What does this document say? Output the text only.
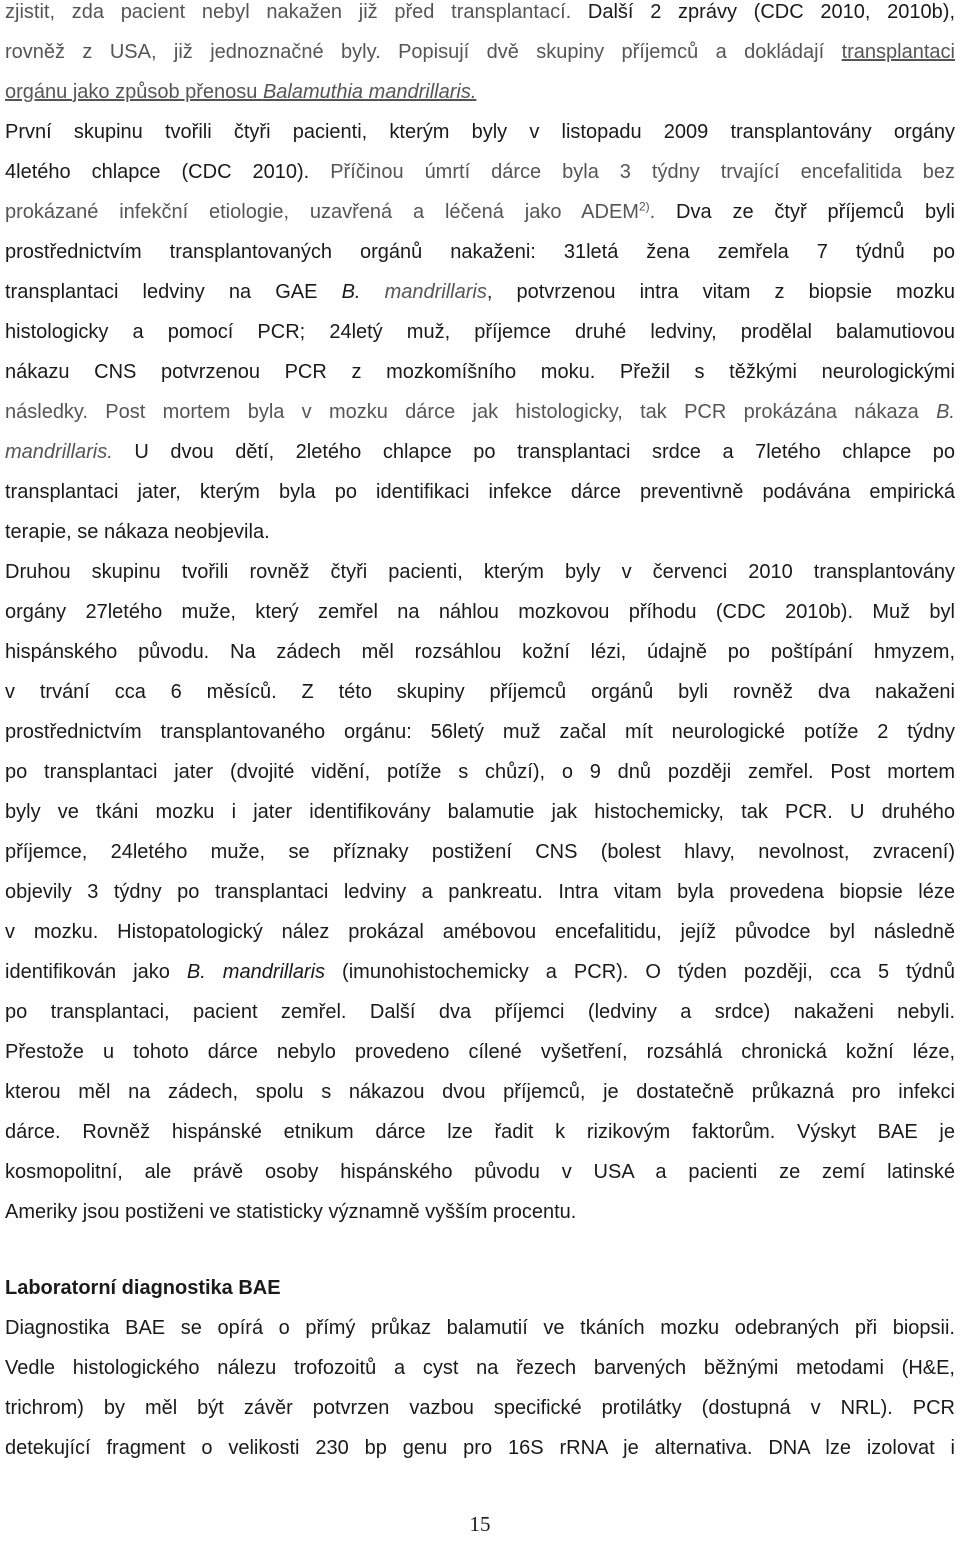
zjistit, zda pacient nebyl nakažen již před transplantací. Další 2 zprávy (CDC 2010, 2010b),
rovněž z USA, již jednoznačné byly. Popisují dvě skupiny příjemců a dokládají transplantaci
orgánu jako způsob přenosu Balamuthia mandrillaris.
První skupinu tvořili čtyři pacienti, kterým byly v listopadu 2009 transplantovány orgány
4letého chlapce (CDC 2010). Příčinou úmrtí dárce byla 3 týdny trvající encefalitida bez
prokázané infekční etiologie, uzavřená a léčená jako ADEM$^{2)}$. Dva ze čtyř příjemců byli
prostřednictvím transplantovaných orgánů nakaženi: 31letá žena zemřela 7 týdnů po
transplantaci ledviny na GAE B. mandrillaris, potvrzenou intra vitam z biopsie mozku
histologicky a pomocí PCR; 24letý muž, příjemce druhé ledviny, prodělal balamutiovou
nákazu CNS potvrzenou PCR z mozkomíšního moku. Přežil s těžkými neurologickými
následky. Post mortem byla v mozku dárce jak histologicky, tak PCR prokázána nákaza B.
mandrillaris. U dvou dětí, 2letého chlapce po transplantaci srdce a 7letého chlapce po
transplantaci jater, kterým byla po identifikaci infekce dárce preventivně podávána empirická
terapie, se nákaza neobjevila.
Druhou skupinu tvořili rovněž čtyři pacienti, kterým byly v červenci 2010 transplantovány
orgány 27letého muže, který zemřel na náhlou mozkovou příhodu (CDC 2010b). Muž byl
hispánského původu. Na zádech měl rozsáhlou kožní lézi, údajně po poštípání hmyzem,
v trvání cca 6 měsíců. Z této skupiny příjemců orgánů byli rovněž dva nakaženi
prostřednictvím transplantovaného orgánu: 56letý muž začal mít neurologické potíže 2 týdny
po transplantaci jater (dvojité vidění, potíže s chůzí), o 9 dnů později zemřel. Post mortem
byly ve tkáni mozku i jater identifikovány balamutie jak histochemicky, tak PCR. U druhého
příjemce, 24letého muže, se příznaky postižení CNS (bolest hlavy, nevolnost, zvracení)
objevily 3 týdny po transplantaci ledviny a pankreatu. Intra vitam byla provedena biopsie léze
v mozku. Histopatologický nález prokázal amébovou encefalitidu, jejíž původce byl následně
identifikován jako B. mandrillaris (imunohistochemicky a PCR). O týden později, cca 5 týdnů
po transplantaci, pacient zemřel. Další dva příjemci (ledviny a srdce) nakaženi nebyli.
Přestože u tohoto dárce nebylo provedeno cílené vyšetření, rozsáhlá chronická kožní léze,
kterou měl na zádech, spolu s nákazou dvou příjemců, je dostatečně průkazná pro infekci
dárce. Rovněž hispánské etnikum dárce lze řadit k rizikovým faktorům. Výskyt BAE je
kosmopolitní, ale právě osoby hispánského původu v USA a pacienti ze zemí latinské
Ameriky jsou postiženi ve statisticky významně vyšším procentu.
Laboratorní diagnostika BAE
Diagnostika BAE se opírá o přímý průkaz balamutií ve tkáních mozku odebraných při biopsii.
Vedle histologického nálezu trofozoitů a cyst na řezech barvených běžnými metodami (H&E,
trichrom) by měl být závěr potvrzen vazbou specifické protilátky (dostupná v NRL). PCR
detekující fragment o velikosti 230 bp genu pro 16S rRNA je alternativa. DNA lze izolovat i
15
